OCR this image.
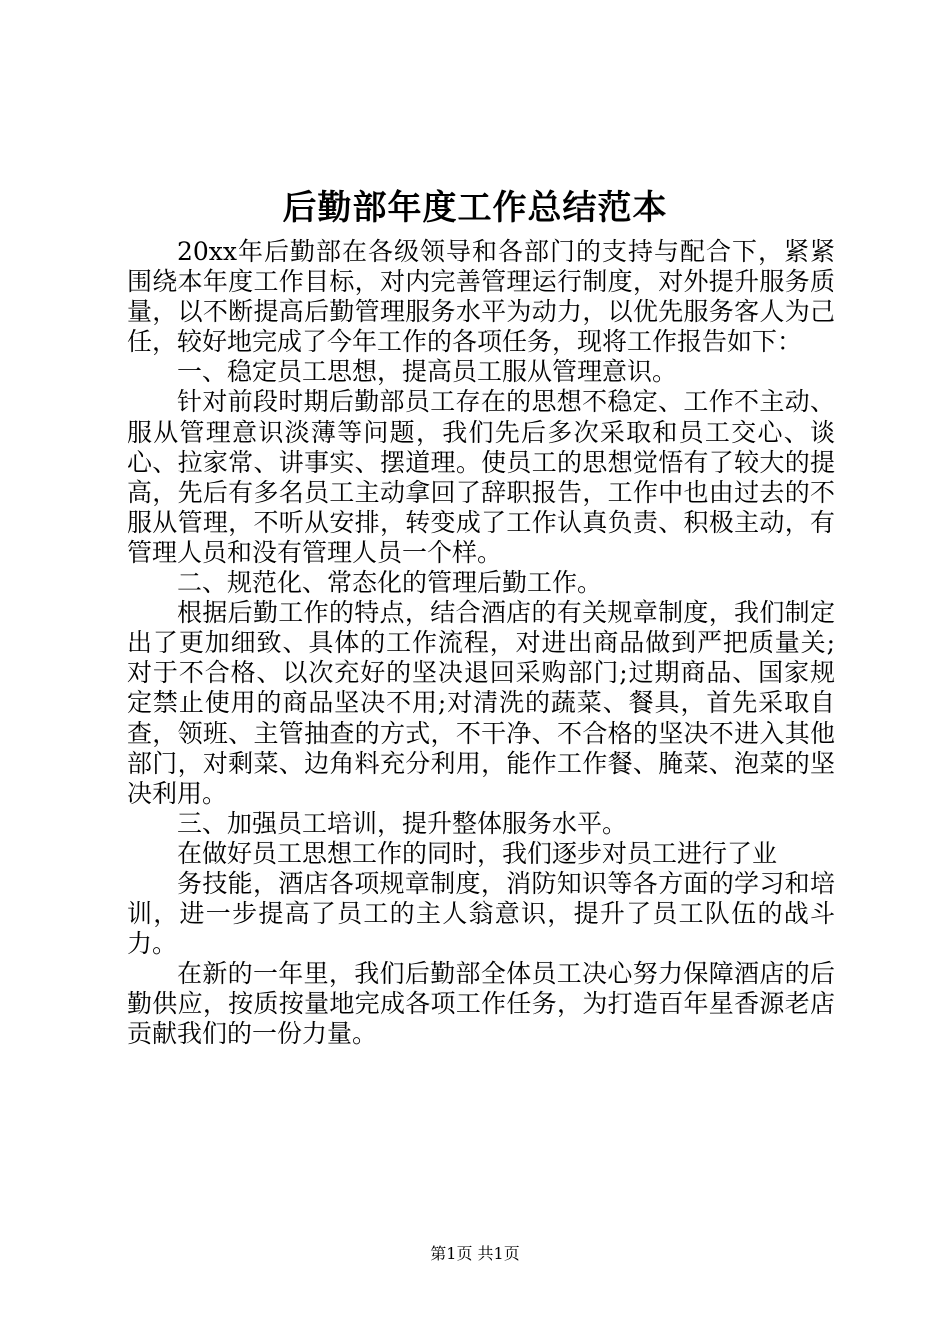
后勤部年度工作总结范本

20xx年后勤部在各级领导和各部门的支持与配合下，紧紧围绕本年度工作目标，对内完善管理运行制度，对外提升服务质量，以不断提高后勤管理服务水平为动力，以优先服务客人为己任，较好地完成了今年工作的各项任务，现将工作报告如下：

一、稳定员工思想，提高员工服从管理意识。

针对前段时期后勤部员工存在的思想不稳定、工作不主动、服从管理意识淡薄等问题，我们先后多次采取和员工交心、谈心、拉家常、讲事实、摆道理。使员工的思想觉悟有了较大的提高，先后有多名员工主动拿回了辞职报告，工作中也由过去的不服从管理，不听从安排，转变成了工作认真负责、积极主动，有管理人员和没有管理人员一个样。

二、规范化、常态化的管理后勤工作。

根据后勤工作的特点，结合酒店的有关规章制度，我们制定出了更加细致、具体的工作流程，对进出商品做到严把质量关;对于不合格、以次充好的坚决退回采购部门;过期商品、国家规定禁止使用的商品坚决不用;对清洗的蔬菜、餐具，首先采取自查，领班、主管抽查的方式，不干净、不合格的坚决不进入其他部门，对剩菜、边角料充分利用，能作工作餐、腌菜、泡菜的坚决利用。

三、加强员工培训，提升整体服务水平。

在做好员工思想工作的同时，我们逐步对员工进行了业

务技能，酒店各项规章制度，消防知识等各方面的学习和培训，进一步提高了员工的主人翁意识，提升了员工队伍的战斗力。

在新的一年里，我们后勤部全体员工决心努力保障酒店的后勤供应，按质按量地完成各项工作任务，为打造百年星香源老店贡献我们的一份力量。

第1页 共1页
